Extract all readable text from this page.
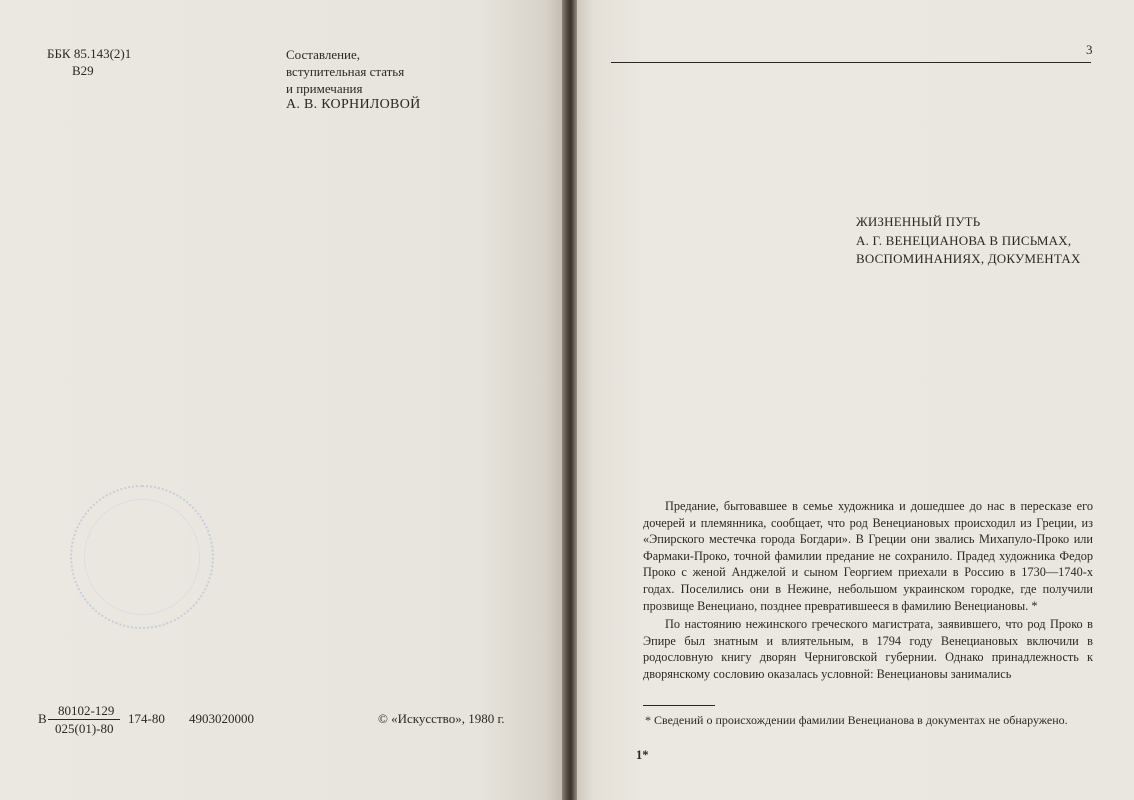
ББК 85.143(2)1

В29

Составление,

вступительная статья

и примечания

А. В. КОРНИЛОВОЙ

В

80102-129

025(01)-80

174-80 4903020000	© «Искусство», 1980 г.

3

ЖИЗНЕННЫЙ ПУТЬ

А. Г. ВЕНЕЦИАНОВА В ПИСЬМАХ,

ВОСПОМИНАНИЯХ, ДОКУМЕНТАХ

Предание, бытовавшее в семье художника и дошедшее до нас в пересказе его дочерей и племянника, сообщает, что род Венециановых происходил из Греции, из «Эпирского местечка города Богдари». В Греции они звались Михапуло-Проко или Фармаки-Проко, точной фамилии предание не сохранило. Прадед художника Федор Проко с женой Анджелой и сыном Георгием приехали в Россию в 1730—1740-х годах. Поселились они в Нежине, небольшом украинском городке, где получили прозвище Венециано, позднее превратившееся в фамилию Венециановы. *

По настоянию нежинского греческого магистрата, заявившего, что род Проко в Эпире был знатным и влиятельным, в 1794 году Венециановых включили в родословную книгу дворян Черниговской губернии. Однако принадлежность к дворянскому сословию оказалась условной: Венециановы занимались

* Сведений о происхождении фамилии Венецианова в документах не обнаружено.

1*
